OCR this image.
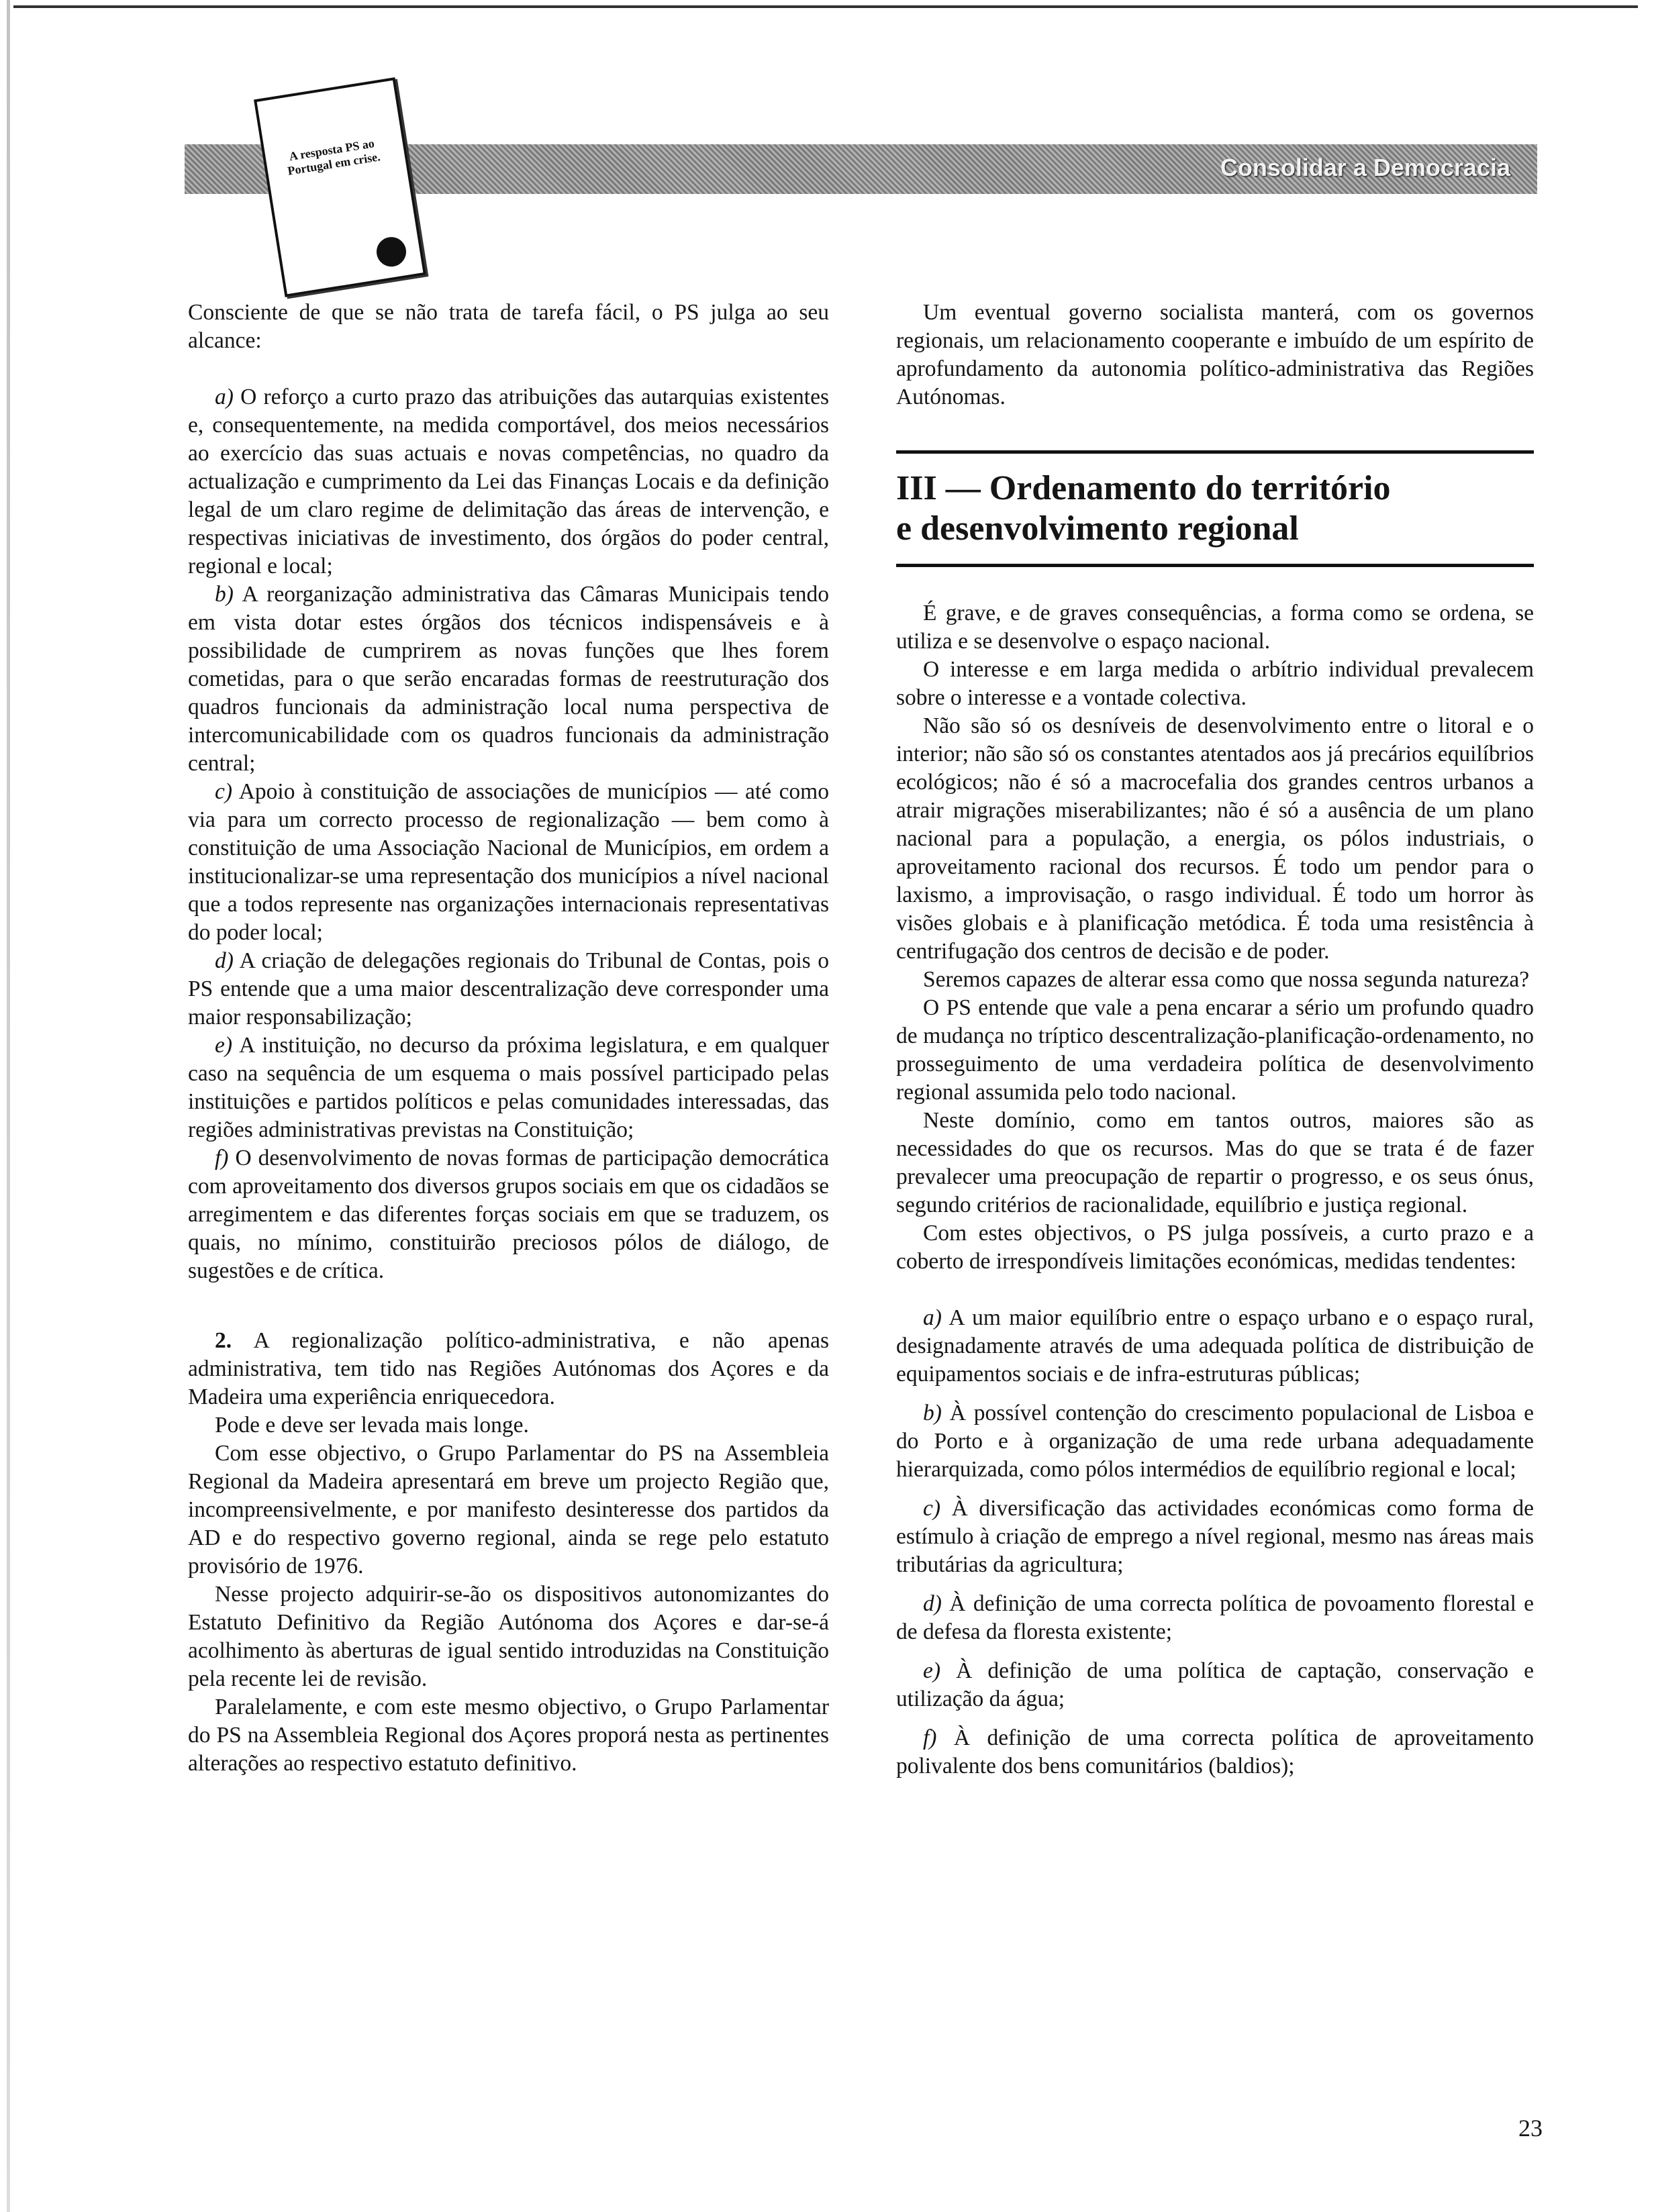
Consolidar a Democracia
A resposta PS ao Portugal em crise.

Consciente de que se não trata de tarefa fácil, o PS julga ao seu alcance:

a) O reforço a curto prazo das atribuições das autarquias existentes e, consequentemente, na medida comportável, dos meios necessários ao exercício das suas actuais e novas competências, no quadro da actualização e cumprimento da Lei das Finanças Locais e da definição legal de um claro regime de delimitação das áreas de intervenção, e respectivas iniciativas de investimento, dos órgãos do poder central, regional e local;

b) A reorganização administrativa das Câmaras Municipais tendo em vista dotar estes órgãos dos técnicos indispensáveis e à possibilidade de cumprirem as novas funções que lhes forem cometidas, para o que serão encaradas formas de reestruturação dos quadros funcionais da administração local numa perspectiva de intercomunicabilidade com os quadros funcionais da administração central;

c) Apoio à constituição de associações de municípios — até como via para um correcto processo de regionalização — bem como à constituição de uma Associação Nacional de Municípios, em ordem a institucionalizar-se uma representação dos municípios a nível nacional que a todos represente nas organizações internacionais representativas do poder local;

d) A criação de delegações regionais do Tribunal de Contas, pois o PS entende que a uma maior descentralização deve corresponder uma maior responsabilização;

e) A instituição, no decurso da próxima legislatura, e em qualquer caso na sequência de um esquema o mais possível participado pelas instituições e partidos políticos e pelas comunidades interessadas, das regiões administrativas previstas na Constituição;

f) O desenvolvimento de novas formas de participação democrática com aproveitamento dos diversos grupos sociais em que os cidadãos se arregimentem e das diferentes forças sociais em que se traduzem, os quais, no mínimo, constituirão preciosos pólos de diálogo, de sugestões e de crítica.

2. A regionalização político-administrativa, e não apenas administrativa, tem tido nas Regiões Autónomas dos Açores e da Madeira uma experiência enriquecedora.

Pode e deve ser levada mais longe.

Com esse objectivo, o Grupo Parlamentar do PS na Assembleia Regional da Madeira apresentará em breve um projecto Região que, incompreensivelmente, e por manifesto desinteresse dos partidos da AD e do respectivo governo regional, ainda se rege pelo estatuto provisório de 1976.

Nesse projecto adquirir-se-ão os dispositivos autonomizantes do Estatuto Definitivo da Região Autónoma dos Açores e dar-se-á acolhimento às aberturas de igual sentido introduzidas na Constituição pela recente lei de revisão.

Paralelamente, e com este mesmo objectivo, o Grupo Parlamentar do PS na Assembleia Regional dos Açores proporá nesta as pertinentes alterações ao respectivo estatuto definitivo.

Um eventual governo socialista manterá, com os governos regionais, um relacionamento cooperante e imbuído de um espírito de aprofundamento da autonomia político-administrativa das Regiões Autónomas.

III — Ordenamento do território
e desenvolvimento regional

É grave, e de graves consequências, a forma como se ordena, se utiliza e se desenvolve o espaço nacional.

O interesse e em larga medida o arbítrio individual prevalecem sobre o interesse e a vontade colectiva.

Não são só os desníveis de desenvolvimento entre o litoral e o interior; não são só os constantes atentados aos já precários equilíbrios ecológicos; não é só a macrocefalia dos grandes centros urbanos a atrair migrações miserabilizantes; não é só a ausência de um plano nacional para a população, a energia, os pólos industriais, o aproveitamento racional dos recursos. É todo um pendor para o laxismo, a improvisação, o rasgo individual. É todo um horror às visões globais e à planificação metódica. É toda uma resistência à centrifugação dos centros de decisão e de poder.

Seremos capazes de alterar essa como que nossa segunda natureza?

O PS entende que vale a pena encarar a sério um profundo quadro de mudança no tríptico descentralização-planificação-ordenamento, no prosseguimento de uma verdadeira política de desenvolvimento regional assumida pelo todo nacional.

Neste domínio, como em tantos outros, maiores são as necessidades do que os recursos. Mas do que se trata é de fazer prevalecer uma preocupação de repartir o progresso, e os seus ónus, segundo critérios de racionalidade, equilíbrio e justiça regional.

Com estes objectivos, o PS julga possíveis, a curto prazo e a coberto de irrespondíveis limitações económicas, medidas tendentes:

a) A um maior equilíbrio entre o espaço urbano e o espaço rural, designadamente através de uma adequada política de distribuição de equipamentos sociais e de infra-estruturas públicas;

b) À possível contenção do crescimento populacional de Lisboa e do Porto e à organização de uma rede urbana adequadamente hierarquizada, como pólos intermédios de equilíbrio regional e local;

c) À diversificação das actividades económicas como forma de estímulo à criação de emprego a nível regional, mesmo nas áreas mais tributárias da agricultura;

d) À definição de uma correcta política de povoamento florestal e de defesa da floresta existente;

e) À definição de uma política de captação, conservação e utilização da água;

f) À definição de uma correcta política de aproveitamento polivalente dos bens comunitários (baldios);

23
